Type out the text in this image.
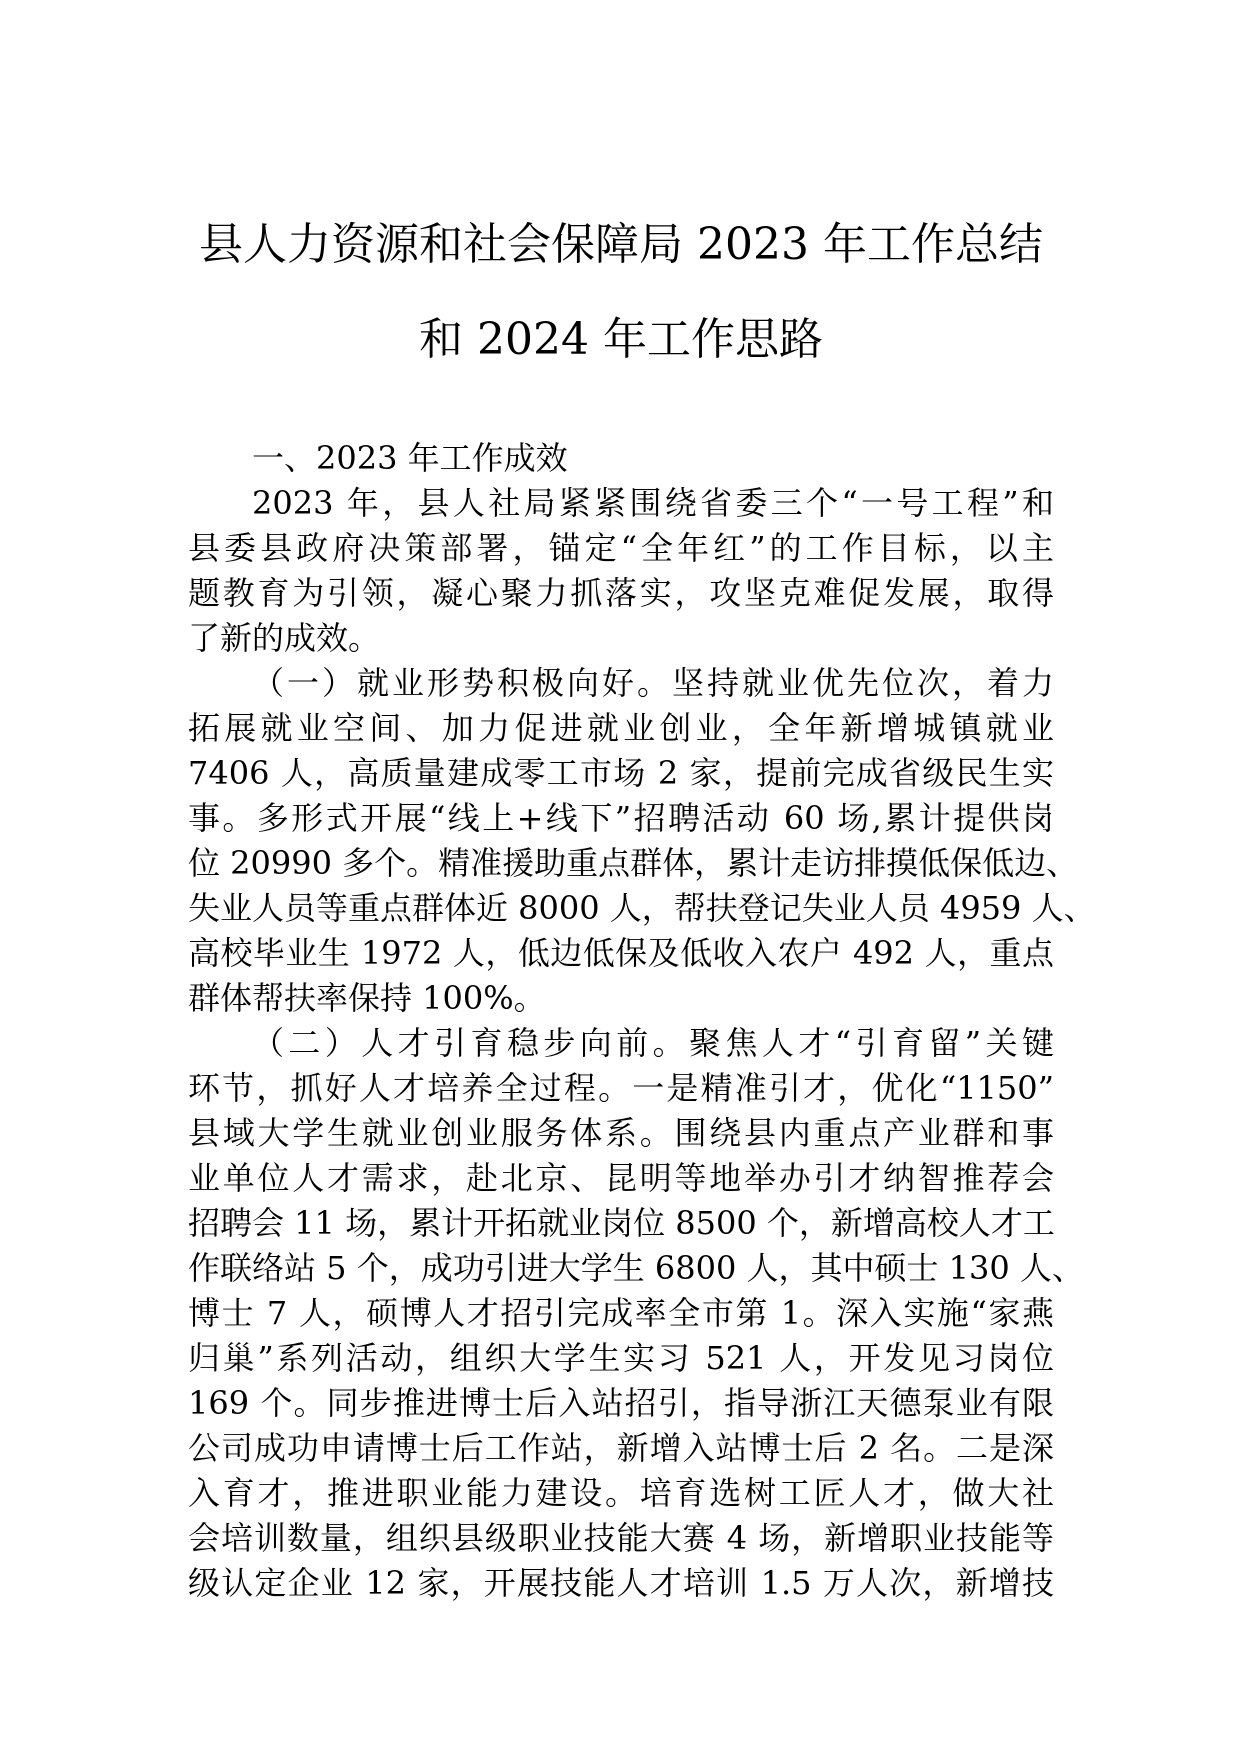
县人力资源和社会保障局 2023 年工作总结
和 2024 年工作思路
一、2023 年工作成效
2023 年，县人社局紧紧围绕省委三个“一号工程”和
县委县政府决策部署，锚定“全年红”的工作目标，以主
题教育为引领，凝心聚力抓落实，攻坚克难促发展，取得
了新的成效。
（一）就业形势积极向好。坚持就业优先位次，着力
拓展就业空间、加力促进就业创业，全年新增城镇就业
7406 人，高质量建成零工市场 2 家，提前完成省级民生实
事。多形式开展“线上+线下”招聘活动 60 场,累计提供岗
位 20990 多个。精准援助重点群体，累计走访排摸低保低边、
失业人员等重点群体近 8000 人，帮扶登记失业人员 4959 人、
高校毕业生 1972 人，低边低保及低收入农户 492 人，重点
群体帮扶率保持 100%。
（二）人才引育稳步向前。聚焦人才“引育留”关键
环节，抓好人才培养全过程。一是精准引才，优化“1150”
县域大学生就业创业服务体系。围绕县内重点产业群和事
业单位人才需求，赴北京、昆明等地举办引才纳智推荐会
招聘会 11 场，累计开拓就业岗位 8500 个，新增高校人才工
作联络站 5 个，成功引进大学生 6800 人，其中硕士 130 人、
博士 7 人，硕博人才招引完成率全市第 1。深入实施“家燕
归巢”系列活动，组织大学生实习 521 人，开发见习岗位
169 个。同步推进博士后入站招引，指导浙江天德泵业有限
公司成功申请博士后工作站，新增入站博士后 2 名。二是深
入育才，推进职业能力建设。培育选树工匠人才，做大社
会培训数量，组织县级职业技能大赛 4 场，新增职业技能等
级认定企业 12 家，开展技能人才培训 1.5 万人次，新增技
